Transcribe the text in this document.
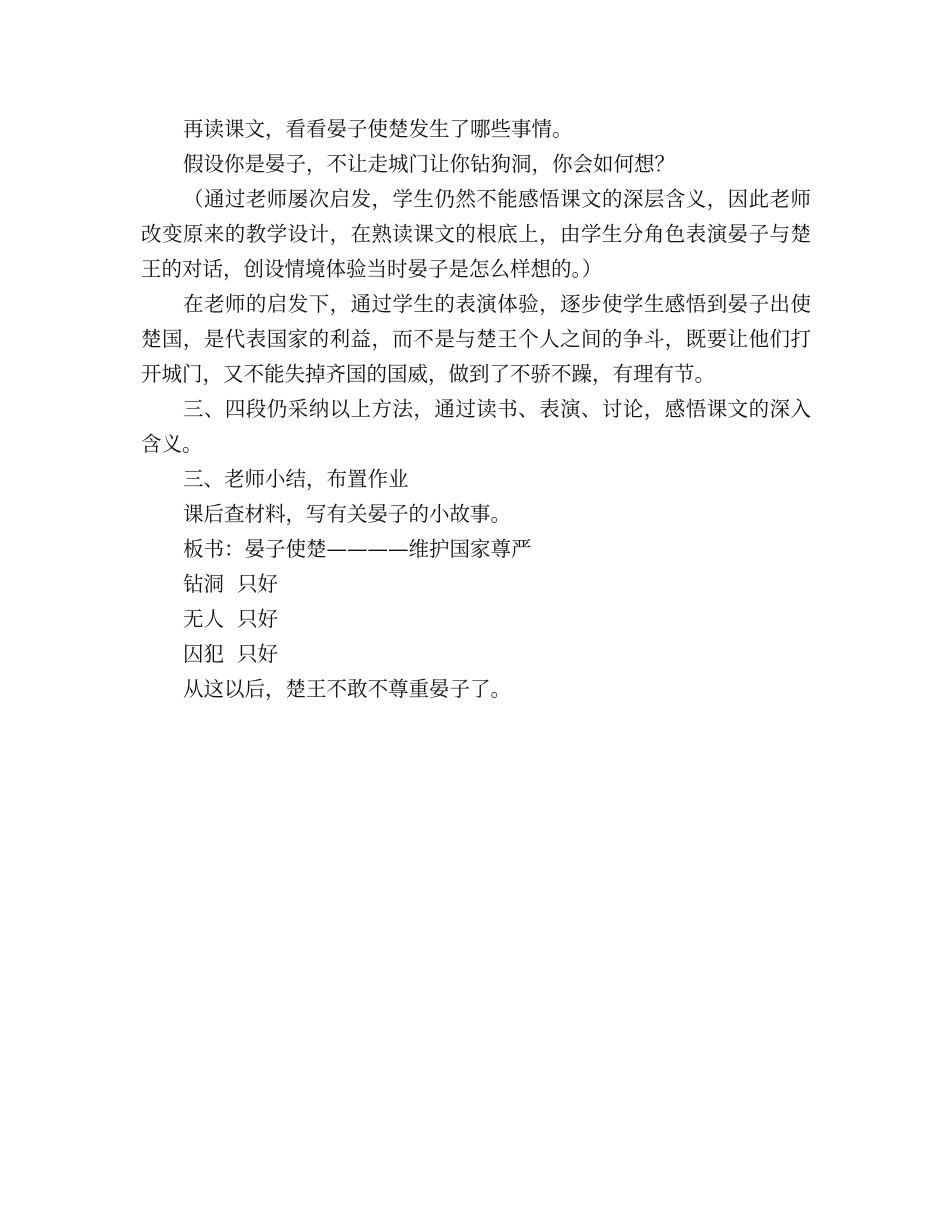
再读课文，看看晏子使楚发生了哪些事情。

假设你是晏子，不让走城门让你钻狗洞，你会如何想？

（通过老师屡次启发，学生仍然不能感悟课文的深层含义，因此老师改变原来的教学设计，在熟读课文的根底上，由学生分角色表演晏子与楚王的对话，创设情境体验当时晏子是怎么样想的。）

在老师的启发下，通过学生的表演体验，逐步使学生感悟到晏子出使楚国，是代表国家的利益，而不是与楚王个人之间的争斗，既要让他们打开城门，又不能失掉齐国的国威，做到了不骄不躁，有理有节。

三、四段仍采纳以上方法，通过读书、表演、讨论，感悟课文的深入含义。

三、老师小结，布置作业

课后查材料，写有关晏子的小故事。

板书：晏子使楚————维护国家尊严

钻洞  只好

无人  只好

囚犯  只好

从这以后，楚王不敢不尊重晏子了。
